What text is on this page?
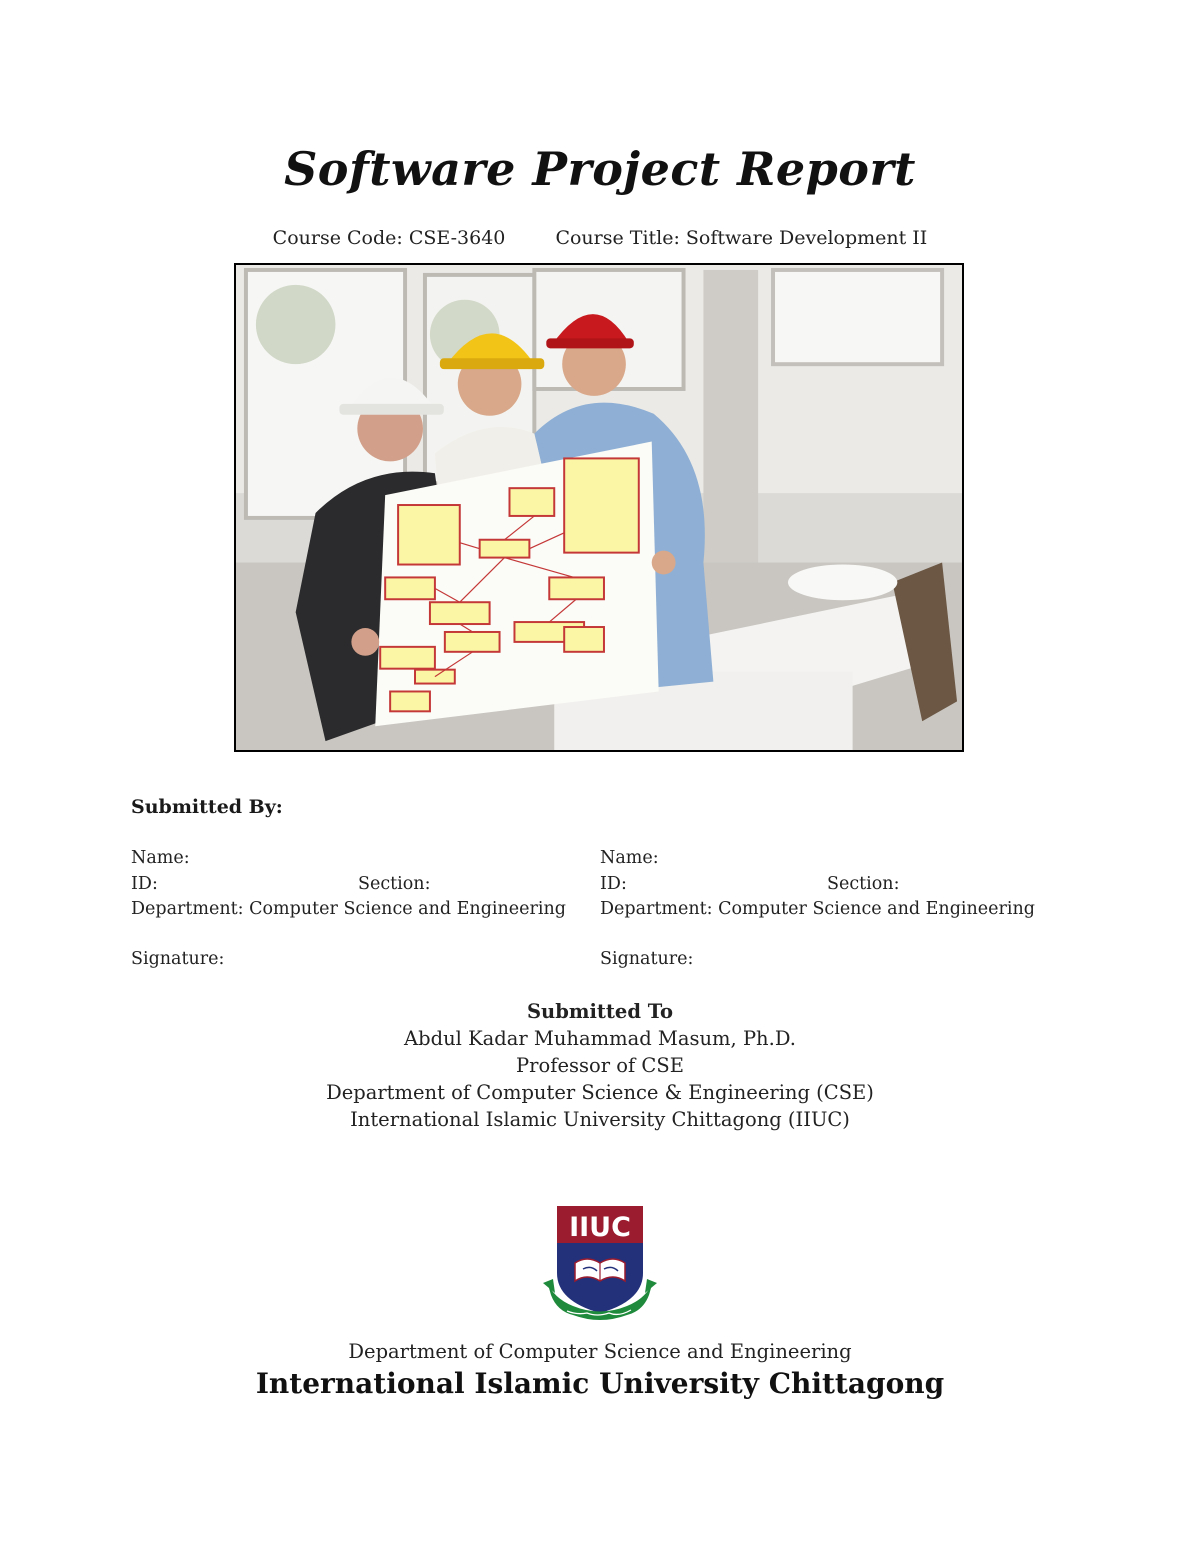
Software Project Report
Course Code: CSE-3640	Course Title: Software Development II
Submitted By:
Name:
ID:	Section:
Department: Computer Science and Engineering
Signature:
Name:
ID:	Section:
Department: Computer Science and Engineering
Signature:
Submitted To
Abdul Kadar Muhammad Masum, Ph.D.
Professor of CSE
Department of Computer Science & Engineering (CSE)
International Islamic University Chittagong (IIUC)
IIUC
Department of Computer Science and Engineering
International Islamic University Chittagong
